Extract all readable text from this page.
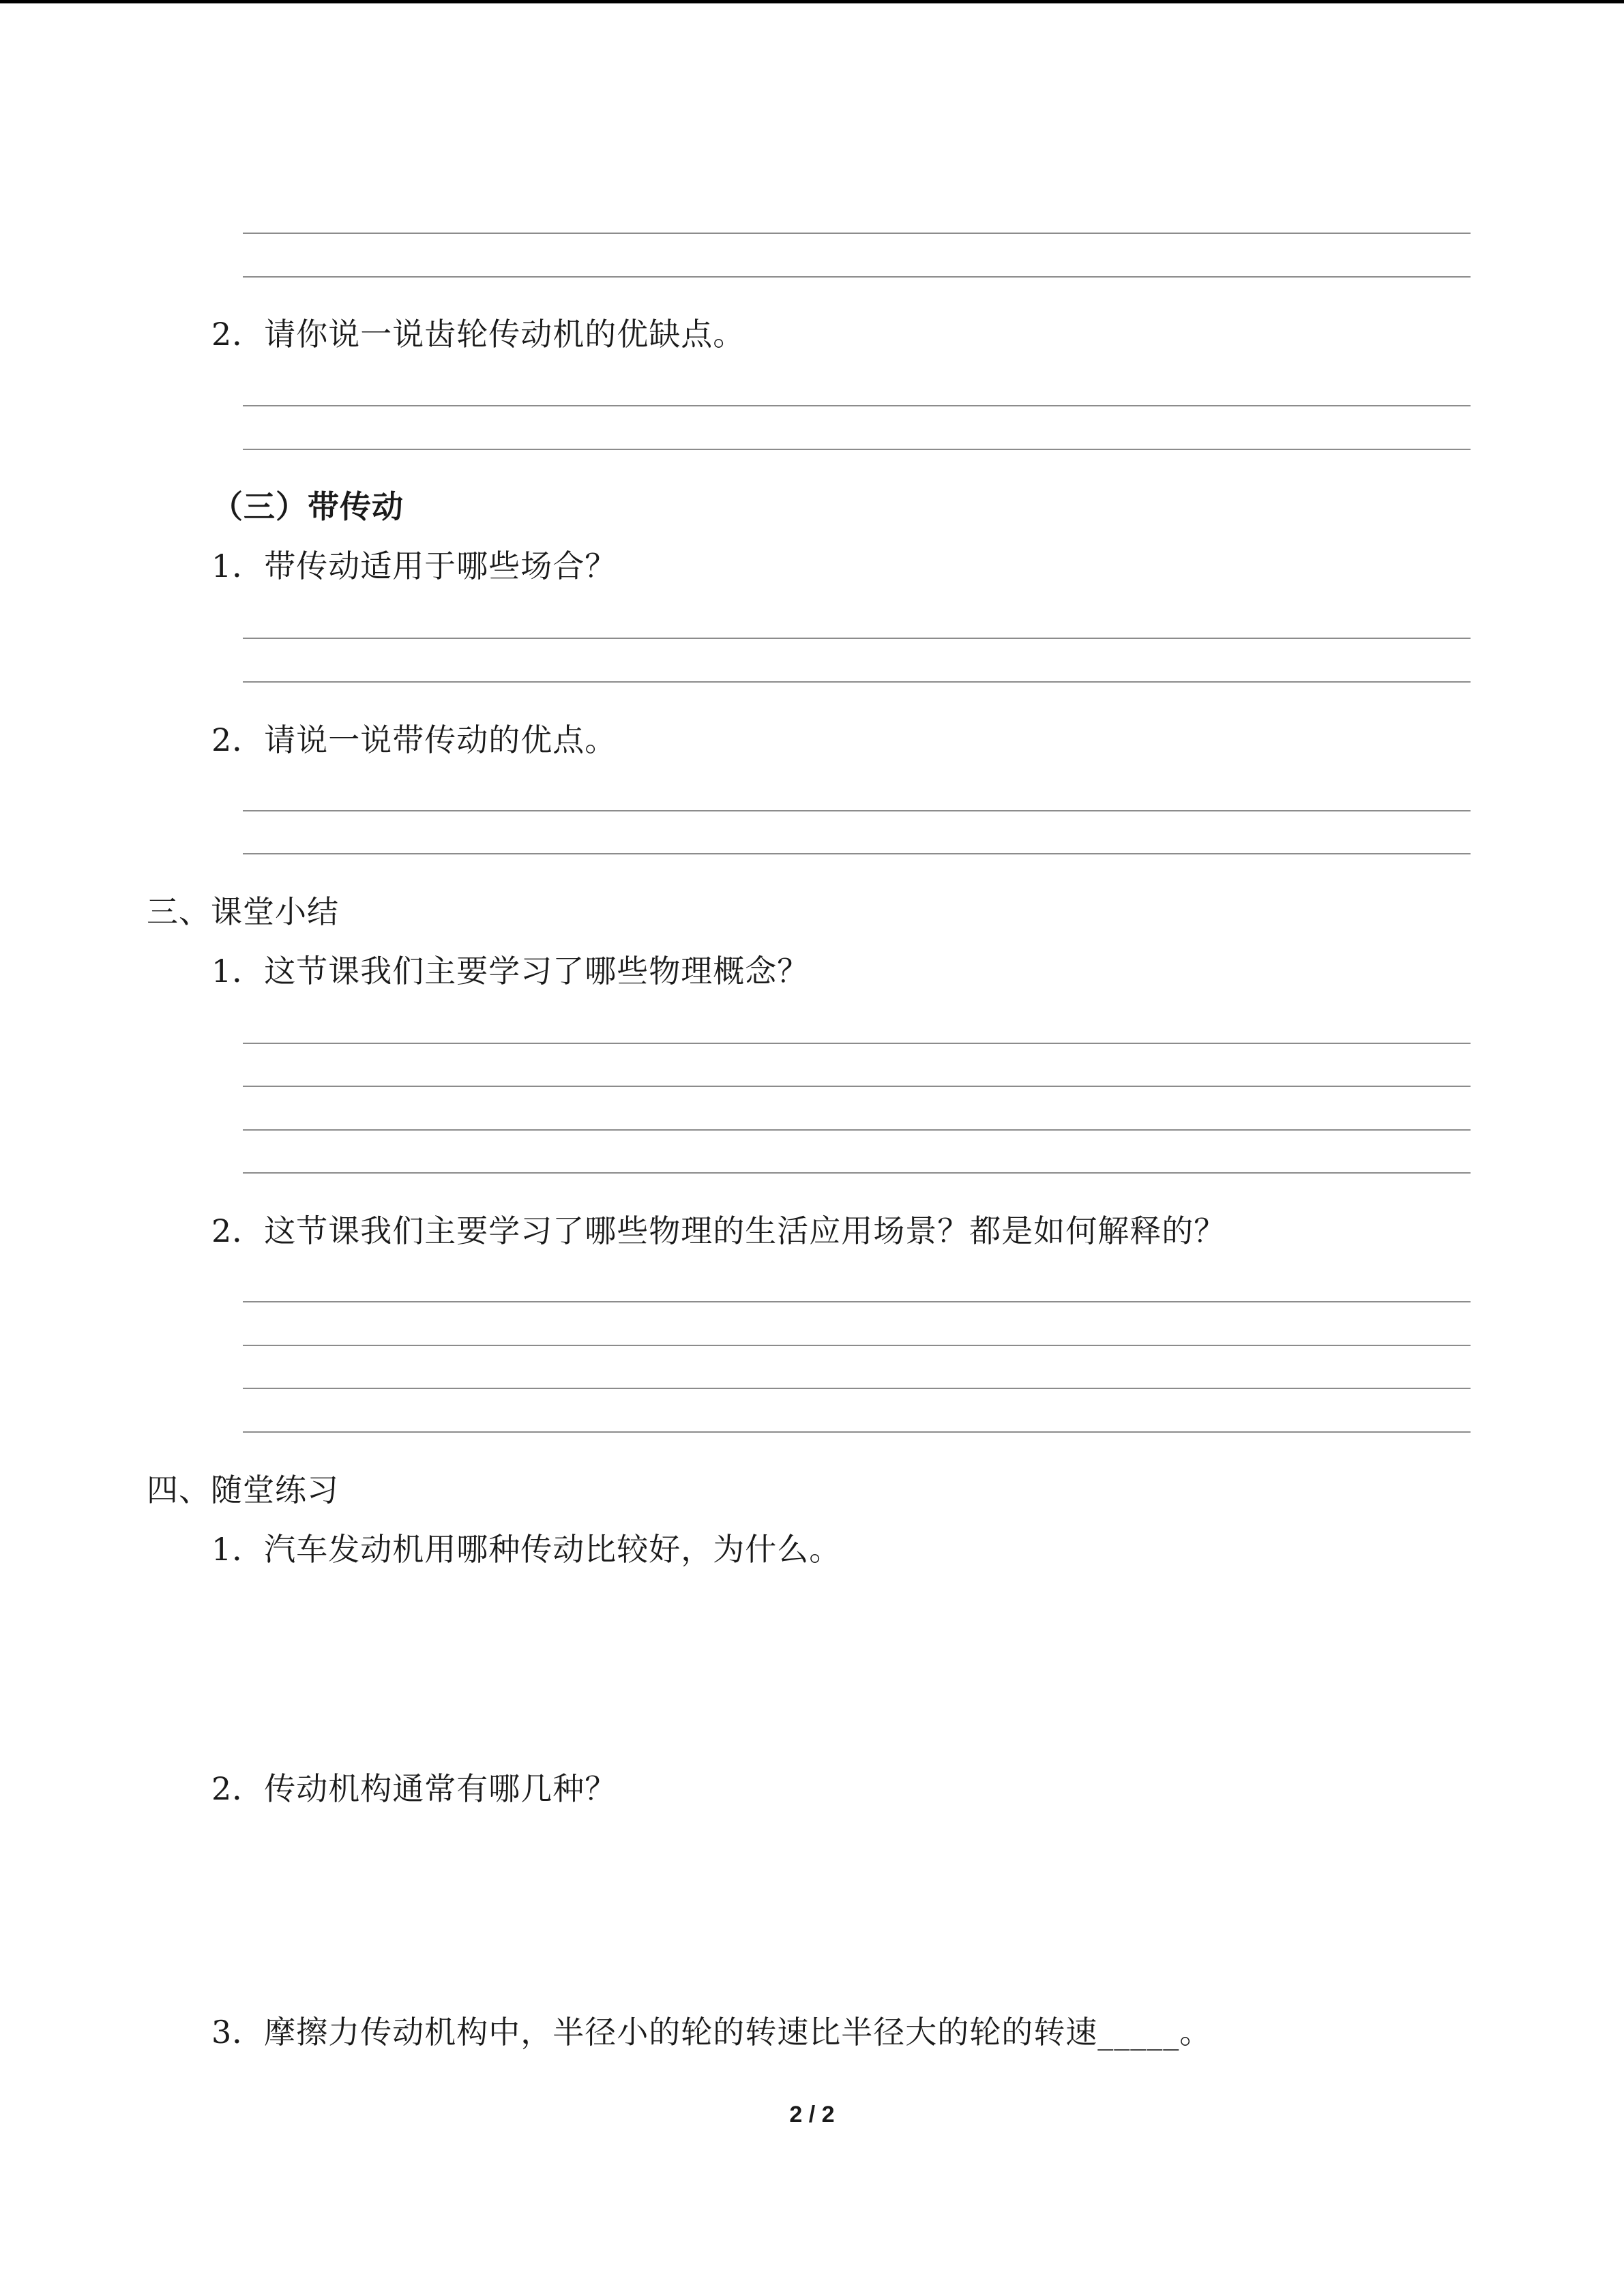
2．请你说一说齿轮传动机的优缺点。
（三）带传动
1．带传动适用于哪些场合？
2．请说一说带传动的优点。
三、课堂小结
1．这节课我们主要学习了哪些物理概念？
2．这节课我们主要学习了哪些物理的生活应用场景？都是如何解释的？
四、随堂练习
1．汽车发动机用哪种传动比较好，为什么。
2．传动机构通常有哪几种？
3．摩擦力传动机构中，半径小的轮的转速比半径大的轮的转速_____。
2 / 2
